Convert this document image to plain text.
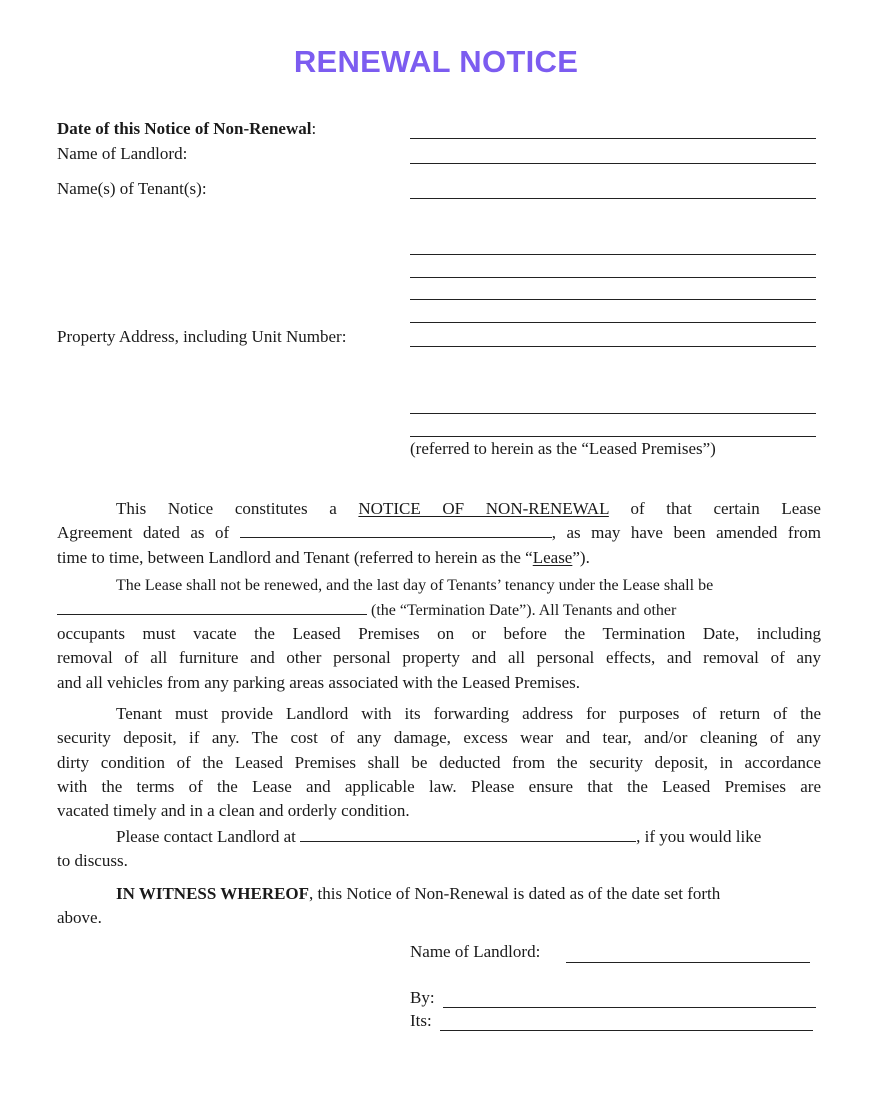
RENEWAL NOTICE
Date of this Notice of Non-Renewal:
Name of Landlord:
Name(s) of Tenant(s):
Property Address, including Unit Number:
(referred to herein as the “Leased Premises”)
This Notice constitutes a NOTICE OF NON-RENEWAL of that certain Lease
Agreement dated as of	, as may have been amended from
time to time, between Landlord and Tenant (referred to herein as the “Lease”).
The Lease shall not be renewed, and the last day of Tenants’ tenancy under the Lease shall be
(the “Termination Date”). All Tenants and other
occupants must vacate the Leased Premises on or before the Termination Date, including
removal of all furniture and other personal property and all personal effects, and removal of any
and all vehicles from any parking areas associated with the Leased Premises.
Tenant must provide Landlord with its forwarding address for purposes of return of the
security deposit, if any. The cost of any damage, excess wear and tear, and/or cleaning of any
dirty condition of the Leased Premises shall be deducted from the security deposit, in accordance
with the terms of the Lease and applicable law. Please ensure that the Leased Premises are
vacated timely and in a clean and orderly condition.
Please contact Landlord at	, if you would like
to discuss.
IN WITNESS WHEREOF, this Notice of Non-Renewal is dated as of the date set forth
above.
Name of Landlord:
By:
Its:
